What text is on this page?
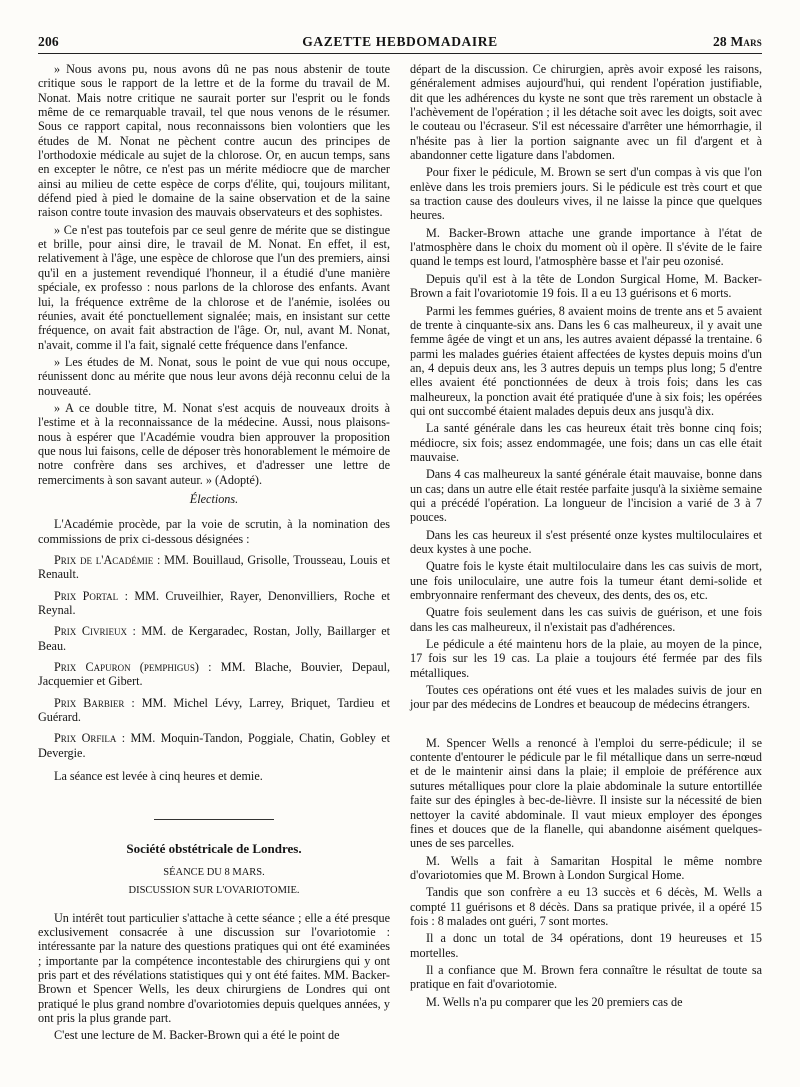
206	GAZETTE HEBDOMADAIRE	28 Mars

» Nous avons pu, nous avons dû ne pas nous abstenir de toute critique sous le rapport de la lettre et de la forme du travail de M. Nonat. Mais notre critique ne saurait porter sur l'esprit ou le fonds même de ce remarquable travail, tel que nous venons de le résumer. Sous ce rapport capital, nous reconnaissons bien volontiers que les études de M. Nonat ne pèchent contre aucun des principes de l'orthodoxie médicale au sujet de la chlorose. Or, en aucun temps, sans en excepter le nôtre, ce n'est pas un mérite médiocre que de marcher ainsi au milieu de cette espèce de corps d'élite, qui, toujours militant, défend pied à pied le domaine de la saine observation et de la saine raison contre toute invasion des mauvais observateurs et des sophistes.

» Ce n'est pas toutefois par ce seul genre de mérite que se distingue et brille, pour ainsi dire, le travail de M. Nonat. En effet, il est, relativement à l'âge, une espèce de chlorose que l'un des premiers, ainsi qu'il en a justement revendiqué l'honneur, il a étudié d'une manière spéciale, ex professo : nous parlons de la chlorose des enfants. Avant lui, la fréquence extrême de la chlorose et de l'anémie, isolées ou réunies, avait été ponctuellement signalée; mais, en insistant sur cette fréquence, on avait fait abstraction de l'âge. Or, nul, avant M. Nonat, n'avait, comme il l'a fait, signalé cette fréquence dans l'enfance.

» Les études de M. Nonat, sous le point de vue qui nous occupe, réunissent donc au mérite que nous leur avons déjà reconnu celui de la nouveauté.

» A ce double titre, M. Nonat s'est acquis de nouveaux droits à l'estime et à la reconnaissance de la médecine. Aussi, nous plaisons-nous à espérer que l'Académie voudra bien approuver la proposition que nous lui faisons, celle de déposer très honorablement le mémoire de notre confrère dans ses archives, et d'adresser une lettre de remerciments à son savant auteur. » (Adopté).

Élections.

L'Académie procède, par la voie de scrutin, à la nomination des commissions de prix ci-dessous désignées :

Prix de l'Académie : MM. Bouillaud, Grisolle, Trousseau, Louis et Renault.

Prix Portal : MM. Cruveilhier, Rayer, Denonvilliers, Roche et Reynal.

Prix Civrieux : MM. de Kergaradec, Rostan, Jolly, Baillarger et Beau.

Prix Capuron (pemphigus) : MM. Blache, Bouvier, Depaul, Jacquemier et Gibert.

Prix Barbier : MM. Michel Lévy, Larrey, Briquet, Tardieu et Guérard.

Prix Orfila : MM. Moquin-Tandon, Poggiale, Chatin, Gobley et Devergie.

La séance est levée à cinq heures et demie.

Société obstétricale de Londres.
SÉANCE DU 8 MARS.
DISCUSSION SUR L'OVARIOTOMIE.

Un intérêt tout particulier s'attache à cette séance ; elle a été presque exclusivement consacrée à une discussion sur l'ovariotomie : intéressante par la nature des questions pratiques qui ont été examinées ; importante par la compétence incontestable des chirurgiens qui y ont pris part et des révélations statistiques qui y ont été faites. MM. Backer-Brown et Spencer Wells, les deux chirurgiens de Londres qui ont pratiqué le plus grand nombre d'ovariotomies depuis quelques années, y ont pris la plus grande part.

C'est une lecture de M. Backer-Brown qui a été le point de

départ de la discussion. Ce chirurgien, après avoir exposé les raisons, généralement admises aujourd'hui, qui rendent l'opération justifiable, dit que les adhérences du kyste ne sont que très rarement un obstacle à l'achèvement de l'opération ; il les détache soit avec les doigts, soit avec le couteau ou l'écraseur. S'il est nécessaire d'arrêter une hémorrhagie, il n'hésite pas à lier la portion saignante avec un fil d'argent et à abandonner cette ligature dans l'abdomen.

Pour fixer le pédicule, M. Brown se sert d'un compas à vis que l'on enlève dans les trois premiers jours. Si le pédicule est très court et que sa traction cause des douleurs vives, il ne laisse la pince que quelques heures.

M. Backer-Brown attache une grande importance à l'état de l'atmosphère dans le choix du moment où il opère. Il s'évite de le faire quand le temps est lourd, l'atmosphère basse et l'air peu ozonisé.

Depuis qu'il est à la tête de London Surgical Home, M. Backer-Brown a fait l'ovariotomie 19 fois. Il a eu 13 guérisons et 6 morts.

Parmi les femmes guéries, 8 avaient moins de trente ans et 5 avaient de trente à cinquante-six ans. Dans les 6 cas malheureux, il y avait une femme âgée de vingt et un ans, les autres avaient dépassé la trentaine. 6 parmi les malades guéries étaient affectées de kystes depuis moins d'un an, 4 depuis deux ans, les 3 autres depuis un temps plus long; 5 d'entre elles avaient été ponctionnées de deux à trois fois; dans les cas malheureux, la ponction avait été pratiquée d'une à six fois; les opérées qui ont succombé étaient malades depuis deux ans jusqu'à dix.

La santé générale dans les cas heureux était très bonne cinq fois; médiocre, six fois; assez endommagée, une fois; dans un cas elle était mauvaise.

Dans 4 cas malheureux la santé générale était mauvaise, bonne dans un cas; dans un autre elle était restée parfaite jusqu'à la sixième semaine qui a précédé l'opération. La longueur de l'incision a varié de 3 à 7 pouces.

Dans les cas heureux il s'est présenté onze kystes multiloculaires et deux kystes à une poche.

Quatre fois le kyste était multiloculaire dans les cas suivis de mort, une fois uniloculaire, une autre fois la tumeur étant demi-solide et embryonnaire renfermant des cheveux, des dents, des os, etc.

Quatre fois seulement dans les cas suivis de guérison, et une fois dans les cas malheureux, il n'existait pas d'adhérences.

Le pédicule a été maintenu hors de la plaie, au moyen de la pince, 17 fois sur les 19 cas. La plaie a toujours été fermée par des fils métalliques.

Toutes ces opérations ont été vues et les malades suivis de jour en jour par des médecins de Londres et beaucoup de médecins étrangers.

M. Spencer Wells a renoncé à l'emploi du serre-pédicule; il se contente d'entourer le pédicule par le fil métallique dans un serre-nœud et de le maintenir ainsi dans la plaie; il emploie de préférence aux sutures métalliques pour clore la plaie abdominale la suture entortillée faite sur des épingles à bec-de-lièvre. Il insiste sur la nécessité de bien nettoyer la cavité abdominale. Il vaut mieux employer des éponges fines et douces que de la flanelle, qui abandonne aisément quelques-unes de ses parcelles.

M. Wells a fait à Samaritan Hospital le même nombre d'ovariotomies que M. Brown à London Surgical Home.

Tandis que son confrère a eu 13 succès et 6 décès, M. Wells a compté 11 guérisons et 8 décès. Dans sa pratique privée, il a opéré 15 fois : 8 malades ont guéri, 7 sont mortes.

Il a donc un total de 34 opérations, dont 19 heureuses et 15 mortelles.

Il a confiance que M. Brown fera connaître le résultat de toute sa pratique en fait d'ovariotomie.

M. Wells n'a pu comparer que les 20 premiers cas de
